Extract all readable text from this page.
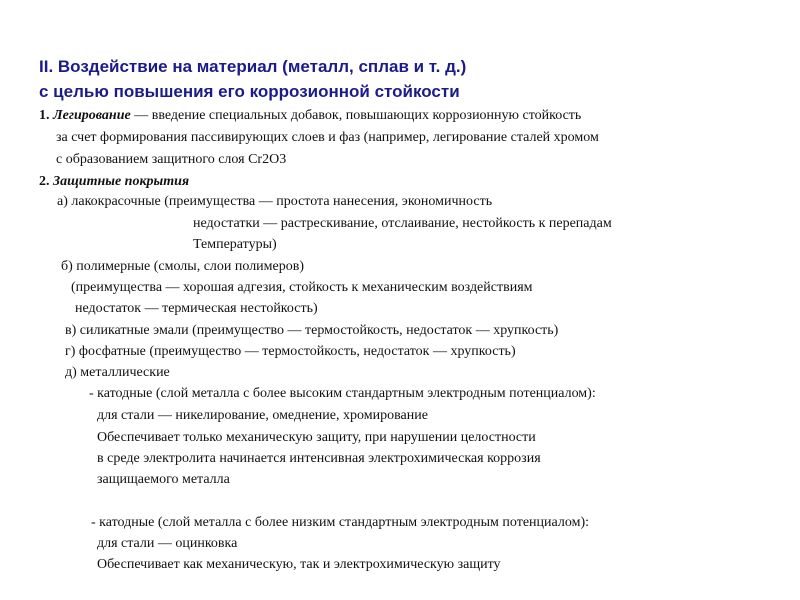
II. Воздействие на материал (металл, сплав и т. д.)
с целью повышения его коррозионной стойкости
1. Легирование — введение специальных добавок, повышающих коррозионную стойкость
за счет формирования пассивирующих слоев и фаз (например, легирование сталей хромом
с образованием защитного слоя Cr2O3
2. Защитные покрытия
а) лакокрасочные (преимущества — простота нанесения, экономичность
недостатки — растрескивание, отслаивание, нестойкость к перепадам
Температуры)
б) полимерные (смолы, слои полимеров)
(преимущества — хорошая адгезия, стойкость к механическим воздействиям
недостаток — термическая нестойкость)
в) силикатные эмали (преимущество — термостойкость, недостаток — хрупкость)
г) фосфатные (преимущество — термостойкость, недостаток — хрупкость)
д) металлические
- катодные (слой металла с более высоким стандартным электродным потенциалом):
для стали — никелирование, омеднение, хромирование
Обеспечивает только механическую защиту, при нарушении целостности
в среде электролита начинается интенсивная электрохимическая коррозия
защищаемого металла
- катодные (слой металла с более низким стандартным электродным потенциалом):
для стали — оцинковка
Обеспечивает как механическую, так и электрохимическую защиту
